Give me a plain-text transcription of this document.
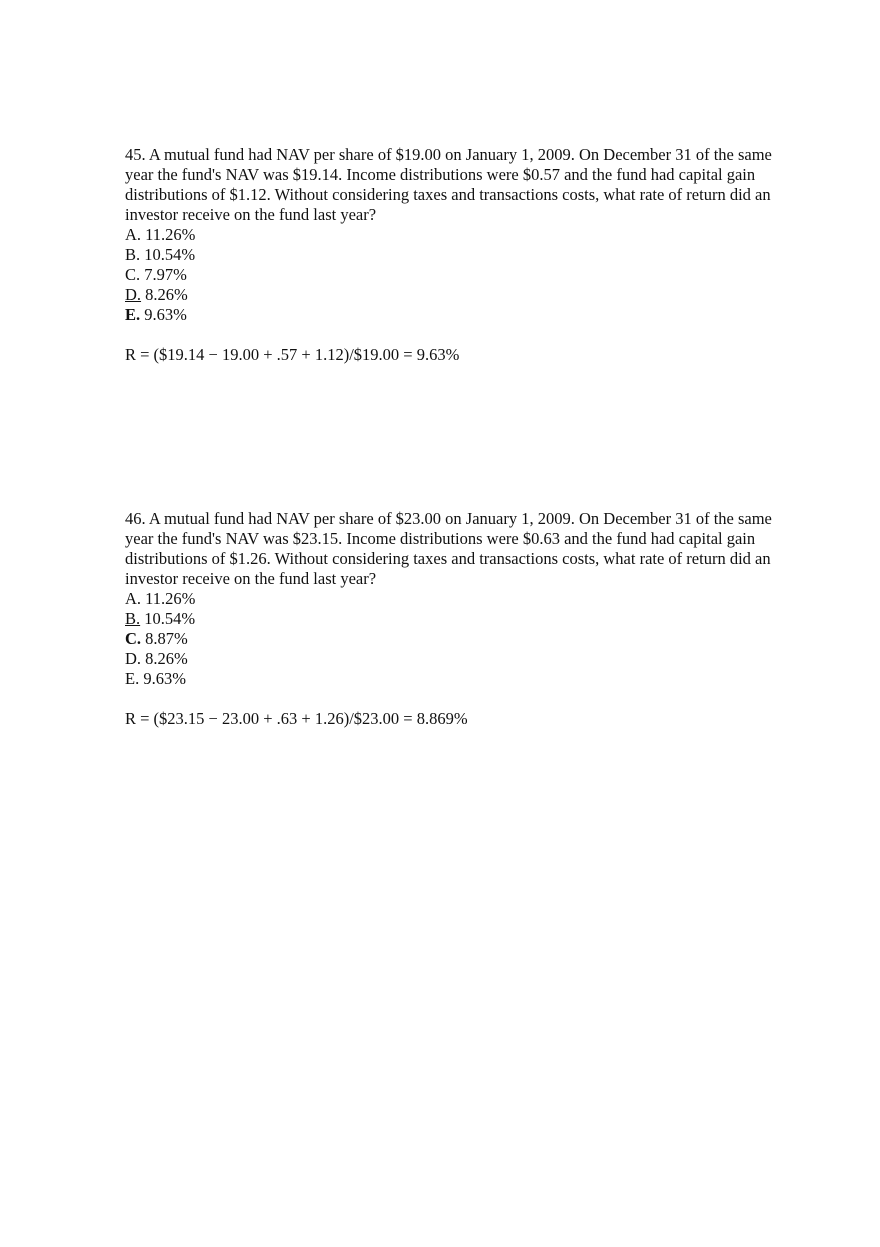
45. A mutual fund had NAV per share of $19.00 on January 1, 2009. On December 31 of the same year the fund's NAV was $19.14. Income distributions were $0.57 and the fund had capital gain distributions of $1.12. Without considering taxes and transactions costs, what rate of return did an investor receive on the fund last year?

A. 11.26%
B. 10.54%
C. 7.97%
D. 8.26%
E. 9.63%

R = ($19.14 − 19.00 + .57 + 1.12)/$19.00 = 9.63%

46. A mutual fund had NAV per share of $23.00 on January 1, 2009. On December 31 of the same year the fund's NAV was $23.15. Income distributions were $0.63 and the fund had capital gain distributions of $1.26. Without considering taxes and transactions costs, what rate of return did an investor receive on the fund last year?

A. 11.26%
B. 10.54%
C. 8.87%
D. 8.26%
E. 9.63%

R = ($23.15 − 23.00 + .63 + 1.26)/$23.00 = 8.869%
